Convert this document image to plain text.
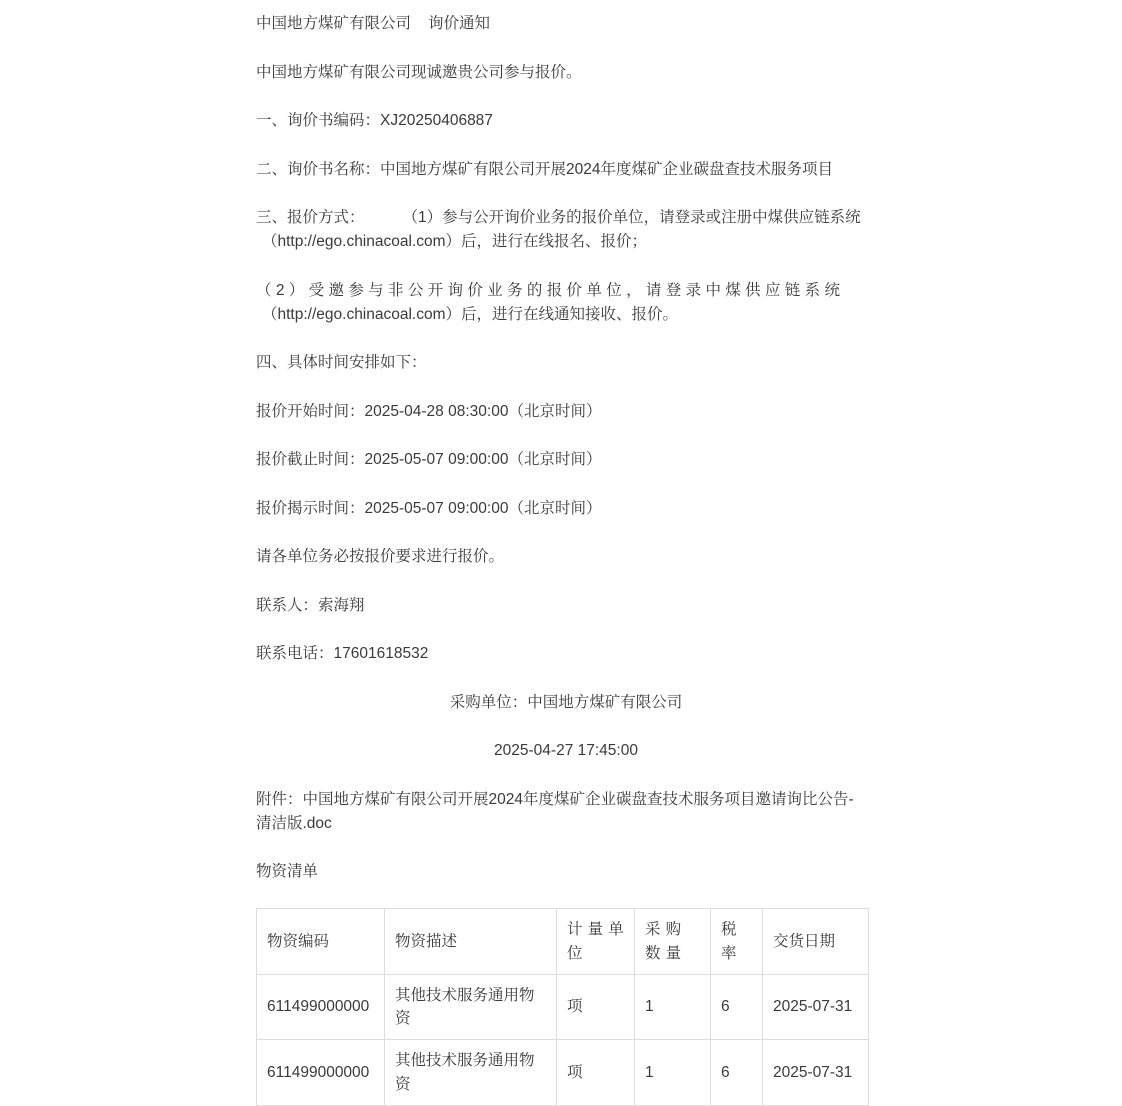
中国地方煤矿有限公司 询价通知

中国地方煤矿有限公司现诚邀贵公司参与报价。

一、询价书编码：XJ20250406887

二、询价书名称：中国地方煤矿有限公司开展2024年度煤矿企业碳盘查技术服务项目

三、报价方式： （1）参与公开询价业务的报价单位，请登录或注册中煤供应链系统
（http://ego.chinacoal.com）后，进行在线报名、报价；

（2）受邀参与非公开询价业务的报价单位，请登录中煤供应链系统
（http://ego.chinacoal.com）后，进行在线通知接收、报价。

四、具体时间安排如下：

报价开始时间：2025-04-28 08:30:00（北京时间）

报价截止时间：2025-05-07 09:00:00（北京时间）

报价揭示时间：2025-05-07 09:00:00（北京时间）

请各单位务必按报价要求进行报价。

联系人：索海翔

联系电话：17601618532

采购单位：中国地方煤矿有限公司

2025-04-27 17:45:00

附件：中国地方煤矿有限公司开展2024年度煤矿企业碳盘查技术服务项目邀请询比公告-清洁版.doc

物资清单

物资编码	物资描述	计量单位	采购数量	税率	交货日期
611499000000	其他技术服务通用物资	项	1	6	2025-07-31
611499000000	其他技术服务通用物资	项	1	6	2025-07-31
